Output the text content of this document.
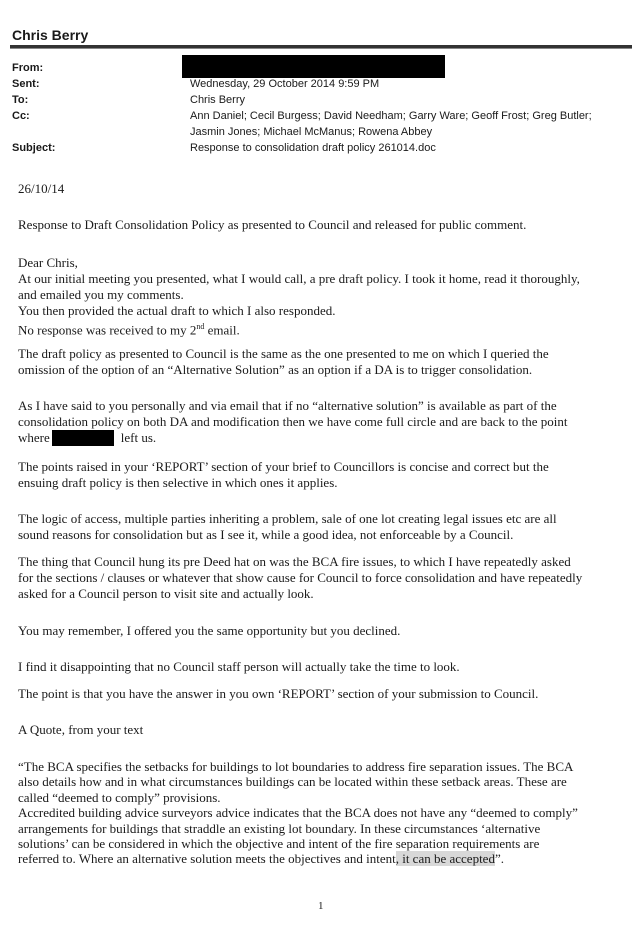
Chris Berry
From:
Sent:	Wednesday, 29 October 2014 9:59 PM
To:	Chris Berry
Cc:	Ann Daniel; Cecil Burgess; David Needham; Garry Ware; Geoff Frost; Greg Butler;
Jasmin Jones; Michael McManus; Rowena Abbey
Subject:	Response to consolidation draft policy 261014.doc
26/10/14
Response to Draft Consolidation Policy as presented to Council and released for public comment.
Dear Chris,
At our initial meeting you presented, what I would call, a pre draft policy. I took it home, read it thoroughly,
and emailed you my comments.
You then provided the actual draft to which I also responded.
No response was received to my 2nd email.
The draft policy as presented to Council is the same as the one presented to me on which I queried the
omission of the option of an “Alternative Solution” as an option if a DA is to trigger consolidation.
As I have said to you personally and via email that if no “alternative solution” is available as part of the
consolidation policy on both DA and modification then we have come full circle and are back to the point
where	left us.
The points raised in your ‘REPORT’ section of your brief to Councillors is concise and correct but the
ensuing draft policy is then selective in which ones it applies.
The logic of access, multiple parties inheriting a problem, sale of one lot creating legal issues etc are all
sound reasons for consolidation but as I see it, while a good idea, not enforceable by a Council.
The thing that Council hung its pre Deed hat on was the BCA fire issues, to which I have repeatedly asked
for the sections / clauses or whatever that show cause for Council to force consolidation and have repeatedly
asked for a Council person to visit site and actually look.
You may remember, I offered you the same opportunity but you declined.
I find it disappointing that no Council staff person will actually take the time to look.
The point is that you have the answer in you own ‘REPORT’ section of your submission to Council.
A Quote, from your text
“The BCA specifies the setbacks for buildings to lot boundaries to address fire separation issues. The BCA
also details how and in what circumstances buildings can be located within these setback areas. These are
called “deemed to comply” provisions.
Accredited building advice surveyors advice indicates that the BCA does not have any “deemed to comply”
arrangements for buildings that straddle an existing lot boundary. In these circumstances ‘alternative
solutions’ can be considered in which the objective and intent of the fire separation requirements are
referred to. Where an alternative solution meets the objectives and intent, it can be accepted”.
1
